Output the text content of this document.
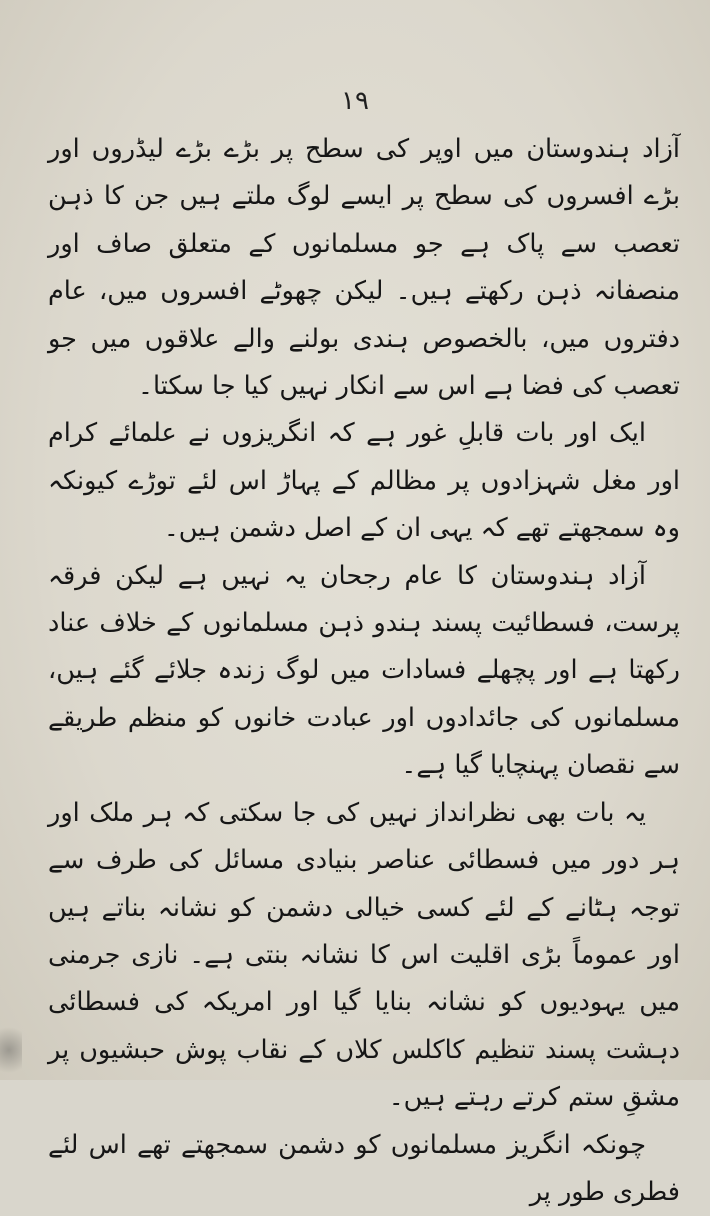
۱۹

آزاد ہندوستان میں اوپر کی سطح پر بڑے بڑے لیڈروں اور بڑے افسروں کی سطح پر ایسے لوگ ملتے ہیں جن کا ذہن تعصب سے پاک ہے جو مسلمانوں کے متعلق صاف اور منصفانہ ذہن رکھتے ہیں۔ لیکن چھوٹے افسروں میں، عام دفتروں میں، بالخصوص ہندی بولنے والے علاقوں میں جو تعصب کی فضا ہے اس سے انکار نہیں کیا جا سکتا۔

ایک اور بات قابلِ غور ہے کہ انگریزوں نے علمائے کرام اور مغل شہزادوں پر مظالم کے پہاڑ اس لئے توڑے کیونکہ وہ سمجھتے تھے کہ یہی ان کے اصل دشمن ہیں۔

آزاد ہندوستان کا عام رجحان یہ نہیں ہے لیکن فرقہ پرست، فسطائیت پسند ہندو ذہن مسلمانوں کے خلاف عناد رکھتا ہے اور پچھلے فسادات میں لوگ زندہ جلائے گئے ہیں، مسلمانوں کی جائدادوں اور عبادت خانوں کو منظم طریقے سے نقصان پہنچایا گیا ہے۔

یہ بات بھی نظرانداز نہیں کی جا سکتی کہ ہر ملک اور ہر دور میں فسطائی عناصر بنیادی مسائل کی طرف سے توجہ ہٹانے کے لئے کسی خیالی دشمن کو نشانہ بناتے ہیں اور عموماً بڑی اقلیت اس کا نشانہ بنتی ہے۔ نازی جرمنی میں یہودیوں کو نشانہ بنایا گیا اور امریکہ کی فسطائی دہشت پسند تنظیم کاکلس کلاں کے نقاب پوش حبشیوں پر مشقِ ستم کرتے رہتے ہیں۔

چونکہ انگریز مسلمانوں کو دشمن سمجھتے تھے اس لئے فطری طور پر
